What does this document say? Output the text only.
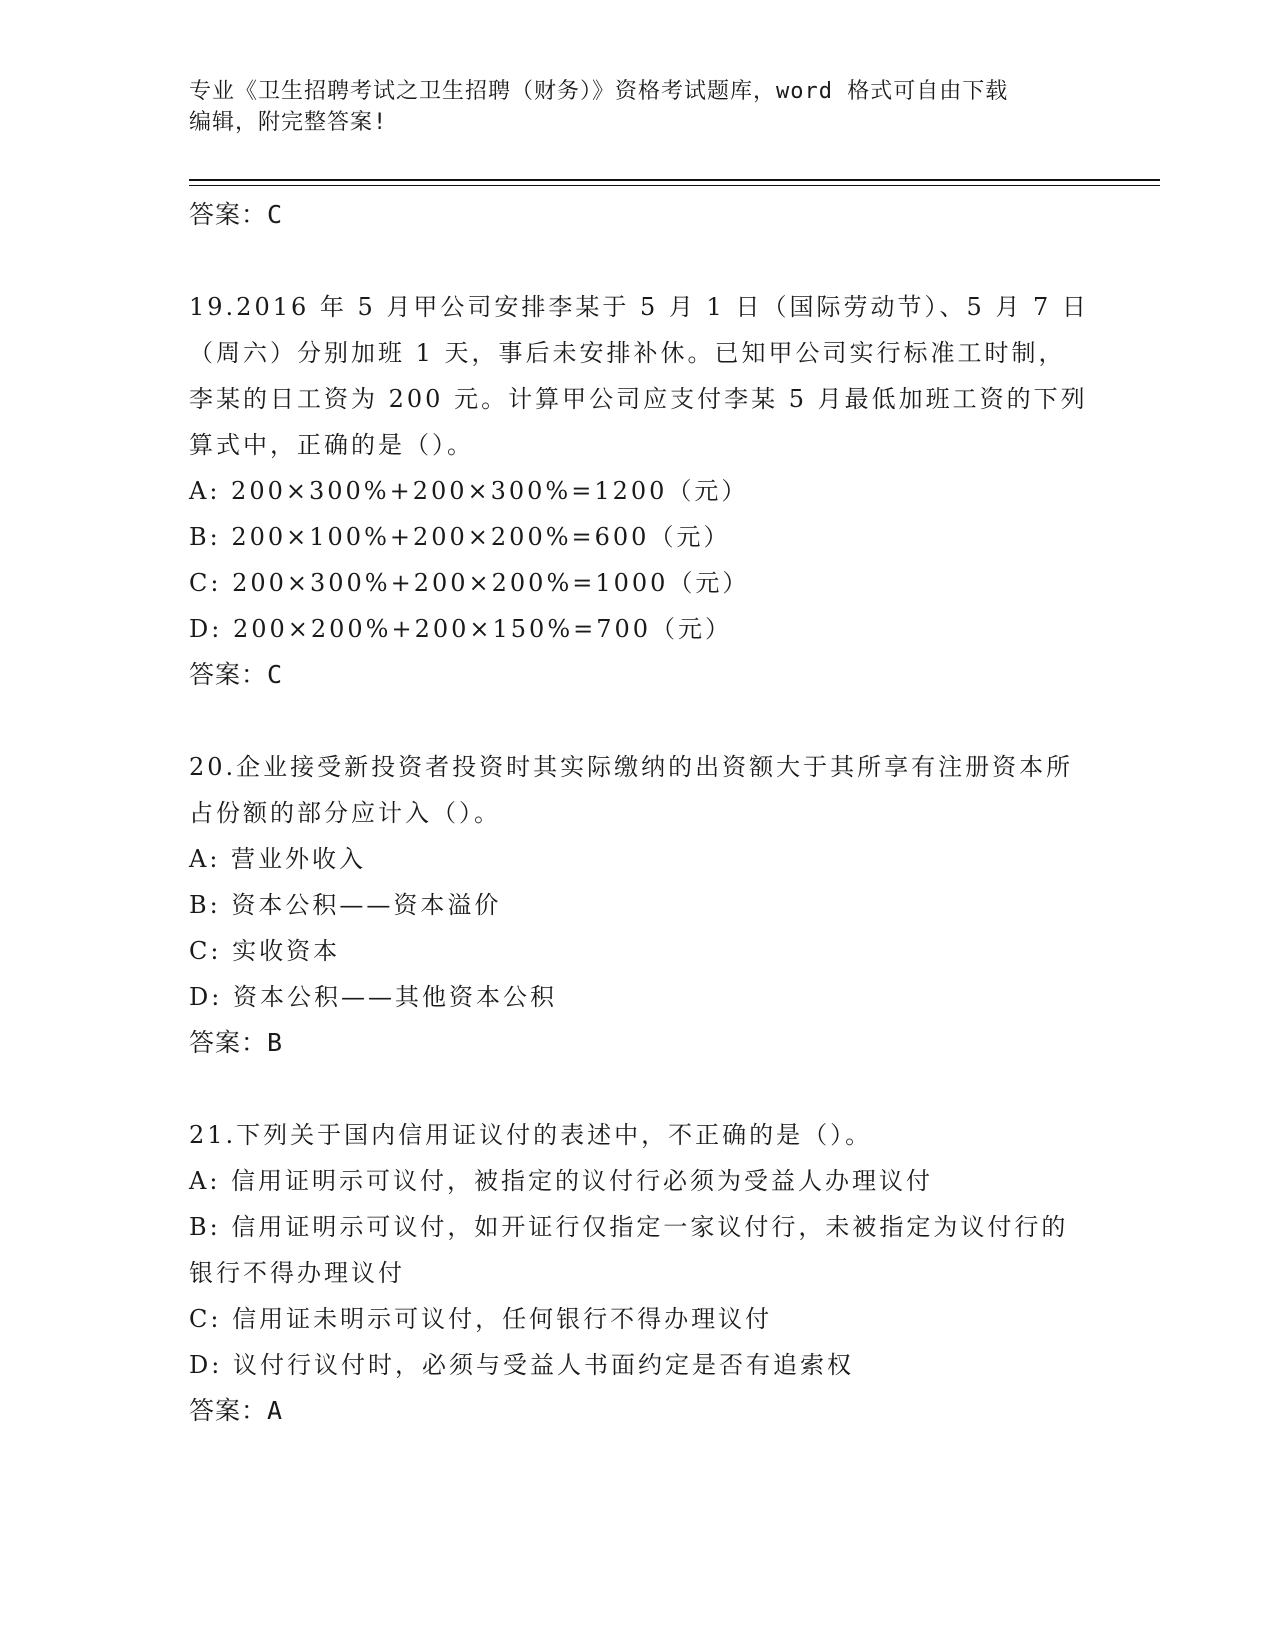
专业《卫生招聘考试之卫生招聘（财务）》资格考试题库，word 格式可自由下载
编辑，附完整答案!
答案：C

19.2016 年 5 月甲公司安排李某于 5 月 1 日（国际劳动节）、5 月 7 日（周六）分别加班 1 天，事后未安排补休。已知甲公司实行标准工时制，李某的日工资为 200 元。计算甲公司应支付李某 5 月最低加班工资的下列算式中，正确的是（）。

A: 200×300%+200×300%=1200（元）

B: 200×100%+200×200%=600（元）

C: 200×300%+200×200%=1000（元）

D: 200×200%+200×150%=700（元）

答案：C

20.企业接受新投资者投资时其实际缴纳的出资额大于其所享有注册资本所占份额的部分应计入（）。

A: 营业外收入

B: 资本公积——资本溢价

C: 实收资本

D: 资本公积——其他资本公积

答案：B

21.下列关于国内信用证议付的表述中，不正确的是（）。

A: 信用证明示可议付，被指定的议付行必须为受益人办理议付

B: 信用证明示可议付，如开证行仅指定一家议付行，未被指定为议付行的银行不得办理议付

C: 信用证未明示可议付，任何银行不得办理议付

D: 议付行议付时，必须与受益人书面约定是否有追索权

答案：A
